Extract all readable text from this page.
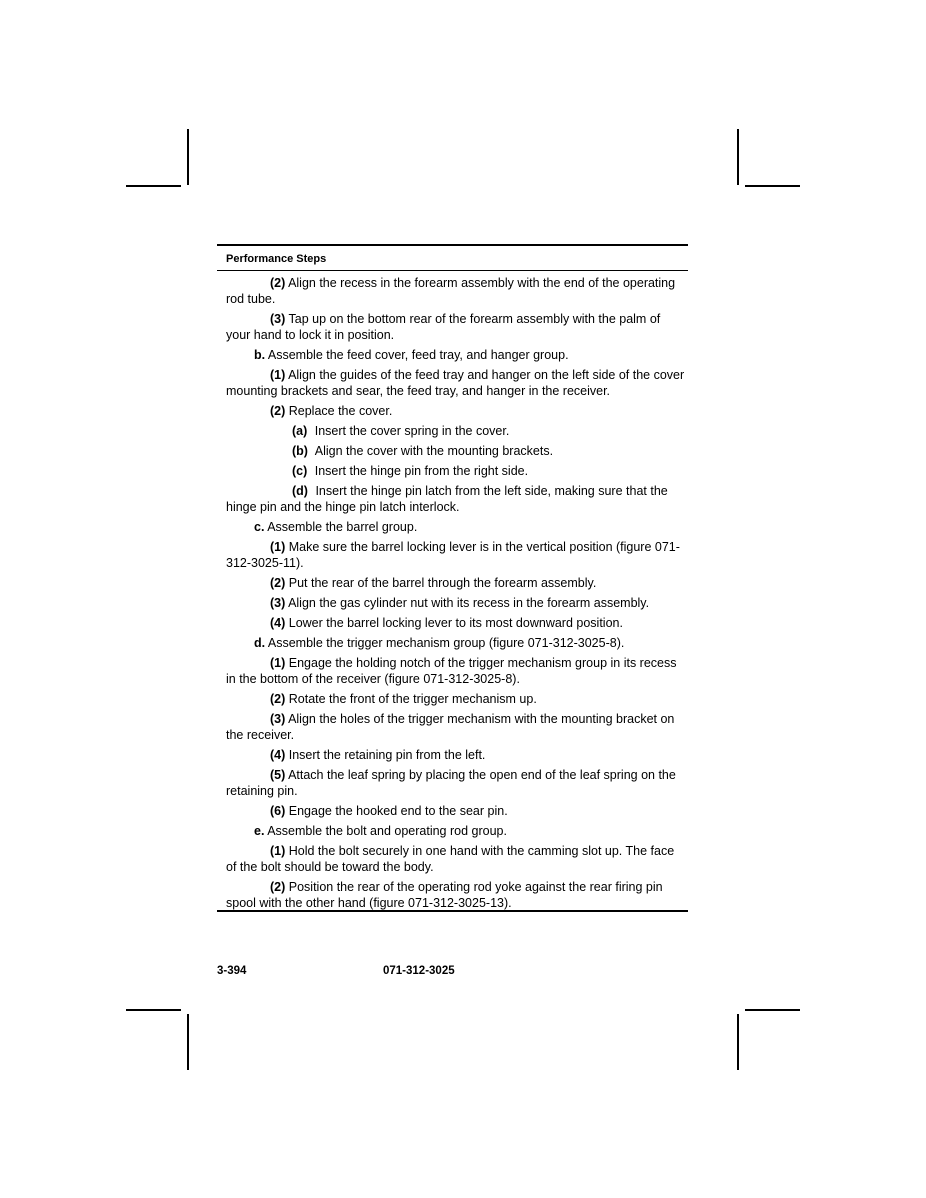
Performance Steps

(2) Align the recess in the forearm assembly with the end of the operating rod tube.

(3) Tap up on the bottom rear of the forearm assembly with the palm of your hand to lock it in position.

b. Assemble the feed cover, feed tray, and hanger group.

(1) Align the guides of the feed tray and hanger on the left side of the cover mounting brackets and sear, the feed tray, and hanger in the receiver.

(2) Replace the cover.

(a) Insert the cover spring in the cover.

(b) Align the cover with the mounting brackets.

(c) Insert the hinge pin from the right side.

(d) Insert the hinge pin latch from the left side, making sure that the hinge pin and the hinge pin latch interlock.

c. Assemble the barrel group.

(1) Make sure the barrel locking lever is in the vertical position (figure 071-312-3025-11).

(2) Put the rear of the barrel through the forearm assembly.

(3) Align the gas cylinder nut with its recess in the forearm assembly.

(4) Lower the barrel locking lever to its most downward position.

d. Assemble the trigger mechanism group (figure 071-312-3025-8).

(1) Engage the holding notch of the trigger mechanism group in its recess in the bottom of the receiver (figure 071-312-3025-8).

(2) Rotate the front of the trigger mechanism up.

(3) Align the holes of the trigger mechanism with the mounting bracket on the receiver.

(4) Insert the retaining pin from the left.

(5) Attach the leaf spring by placing the open end of the leaf spring on the retaining pin.

(6) Engage the hooked end to the sear pin.

e. Assemble the bolt and operating rod group.

(1) Hold the bolt securely in one hand with the camming slot up. The face of the bolt should be toward the body.

(2) Position the rear of the operating rod yoke against the rear firing pin spool with the other hand (figure 071-312-3025-13).

3-394	071-312-3025
